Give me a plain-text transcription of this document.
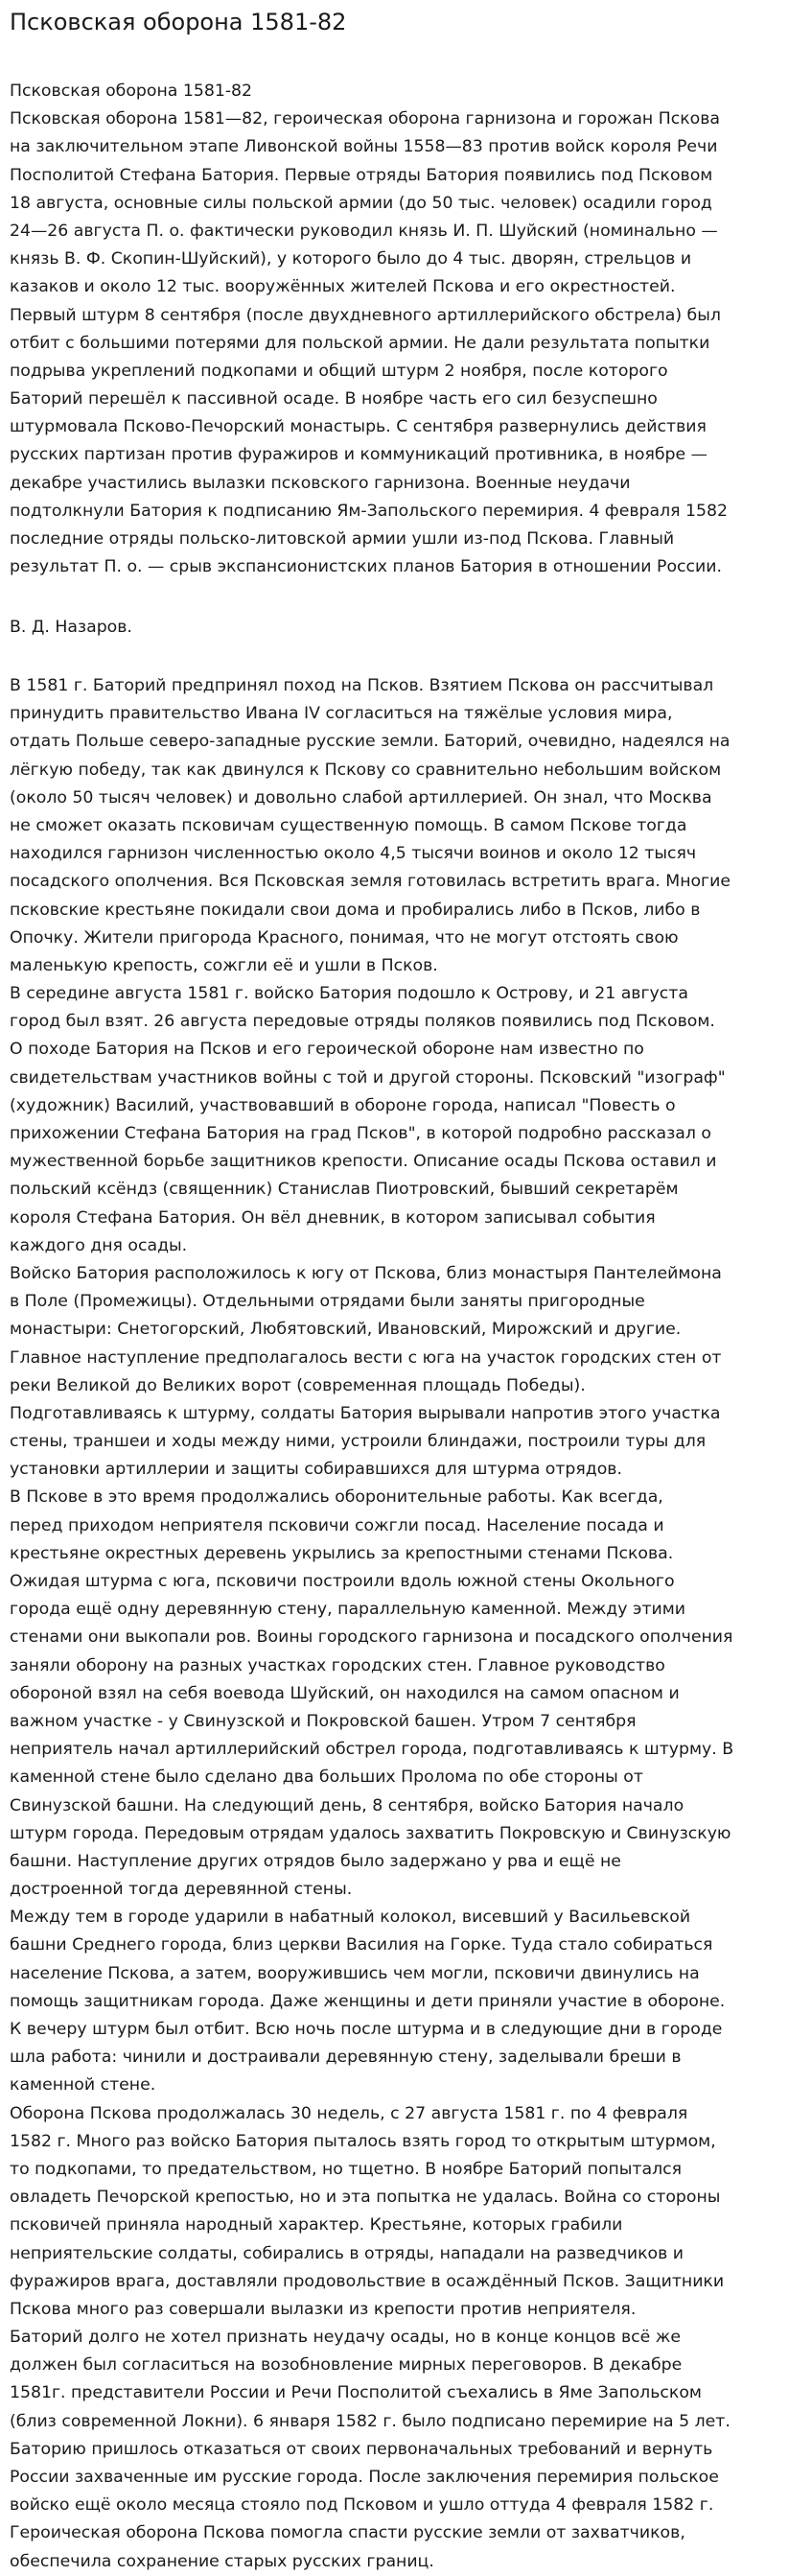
Псковская оборона 1581-82
Псковская оборона 1581-82
Псковская оборона 1581—82, героическая оборона гарнизона и горожан Пскова
на заключительном этапе Ливонской войны 1558—83 против войск короля Речи
Посполитой Стефана Батория. Первые отряды Батория появились под Псковом
18 августа, основные силы польской армии (до 50 тыс. человек) осадили город
24—26 августа П. о. фактически руководил князь И. П. Шуйский (номинально —
князь В. Ф. Скопин-Шуйский), у которого было до 4 тыс. дворян, стрельцов и
казаков и около 12 тыс. вооружённых жителей Пскова и его окрестностей.
Первый штурм 8 сентября (после двухдневного артиллерийского обстрела) был
отбит с большими потерями для польской армии. Не дали результата попытки
подрыва укреплений подкопами и общий штурм 2 ноября, после которого
Баторий перешёл к пассивной осаде. В ноябре часть его сил безуспешно
штурмовала Псково-Печорский монастырь. С сентября развернулись действия
русских партизан против фуражиров и коммуникаций противника, в ноябре —
декабре участились вылазки псковского гарнизона. Военные неудачи
подтолкнули Батория к подписанию Ям-Запольского перемирия. 4 февраля 1582
последние отряды польско-литовской армии ушли из-под Пскова. Главный
результат П. о. — срыв экспансионистских планов Батория в отношении России.
В. Д. Назаров.
В 1581 г. Баторий предпринял поход на Псков. Взятием Пскова он рассчитывал
принудить правительство Ивана IV согласиться на тяжёлые условия мира,
отдать Польше северо-западные русские земли. Баторий, очевидно, надеялся на
лёгкую победу, так как двинулся к Пскову со сравнительно небольшим войском
(около 50 тысяч человек) и довольно слабой артиллерией. Он знал, что Москва
не сможет оказать псковичам существенную помощь. В самом Пскове тогда
находился гарнизон численностью около 4,5 тысячи воинов и около 12 тысяч
посадского ополчения. Вся Псковская земля готовилась встретить врага. Многие
псковские крестьяне покидали свои дома и пробирались либо в Псков, либо в
Опочку. Жители пригорода Красного, понимая, что не могут отстоять свою
маленькую крепость, сожгли её и ушли в Псков.
В середине августа 1581 г. войско Батория подошло к Острову, и 21 августа
город был взят. 26 августа передовые отряды поляков появились под Псковом.
О походе Батория на Псков и его героической обороне нам известно по
свидетельствам участников войны с той и другой стороны. Псковский "изограф"
(художник) Василий, участвовавший в обороне города, написал "Повесть о
прихожении Стефана Батория на град Псков", в которой подробно рассказал о
мужественной борьбе защитников крепости. Описание осады Пскова оставил и
польский ксёндз (священник) Станислав Пиотровский, бывший секретарём
короля Стефана Батория. Он вёл дневник, в котором записывал события
каждого дня осады.
Войско Батория расположилось к югу от Пскова, близ монастыря Пантелеймона
в Поле (Промежицы). Отдельными отрядами были заняты пригородные
монастыри: Снетогорский, Любятовский, Ивановский, Мирожский и другие.
Главное наступление предполагалось вести с юга на участок городских стен от
реки Великой до Великих ворот (современная площадь Победы).
Подготавливаясь к штурму, солдаты Батория вырывали напротив этого участка
стены, траншеи и ходы между ними, устроили блиндажи, построили туры для
установки артиллерии и защиты собиравшихся для штурма отрядов.
В Пскове в это время продолжались оборонительные работы. Как всегда,
перед приходом неприятеля псковичи сожгли посад. Население посада и
крестьяне окрестных деревень укрылись за крепостными стенами Пскова.
Ожидая штурма с юга, псковичи построили вдоль южной стены Окольного
города ещё одну деревянную стену, параллельную каменной. Между этими
стенами они выкопали ров. Воины городского гарнизона и посадского ополчения
заняли оборону на разных участках городских стен. Главное руководство
обороной взял на себя воевода Шуйский, он находился на самом опасном и
важном участке - у Свинузской и Покровской башен. Утром 7 сентября
неприятель начал артиллерийский обстрел города, подготавливаясь к штурму. В
каменной стене было сделано два больших Пролома по обе стороны от
Свинузской башни. На следующий день, 8 сентября, войско Батория начало
штурм города. Передовым отрядам удалось захватить Покровскую и Свинузскую
башни. Наступление других отрядов было задержано у рва и ещё не
достроенной тогда деревянной стены.
Между тем в городе ударили в набатный колокол, висевший у Васильевской
башни Среднего города, близ церкви Василия на Горке. Туда стало собираться
население Пскова, а затем, вооружившись чем могли, псковичи двинулись на
помощь защитникам города. Даже женщины и дети приняли участие в обороне.
К вечеру штурм был отбит. Всю ночь после штурма и в следующие дни в городе
шла работа: чинили и достраивали деревянную стену, заделывали бреши в
каменной стене.
Оборона Пскова продолжалась 30 недель, с 27 августа 1581 г. по 4 февраля
1582 г. Много раз войско Батория пыталось взять город то открытым штурмом,
то подкопами, то предательством, но тщетно. В ноябре Баторий попытался
овладеть Печорской крепостью, но и эта попытка не удалась. Война со стороны
псковичей приняла народный характер. Крестьяне, которых грабили
неприятельские солдаты, собирались в отряды, нападали на разведчиков и
фуражиров врага, доставляли продовольствие в осаждённый Псков. Защитники
Пскова много раз совершали вылазки из крепости против неприятеля.
Баторий долго не хотел признать неудачу осады, но в конце концов всё же
должен был согласиться на возобновление мирных переговоров. В декабре
1581г. представители России и Речи Посполитой съехались в Яме Запольском
(близ современной Локни). 6 января 1582 г. было подписано перемирие на 5 лет.
Баторию пришлось отказаться от своих первоначальных требований и вернуть
России захваченные им русские города. После заключения перемирия польское
войско ещё около месяца стояло под Псковом и ушло оттуда 4 февраля 1582 г.
Героическая оборона Пскова помогла спасти русские земли от захватчиков,
обеспечила сохранение старых русских границ.
